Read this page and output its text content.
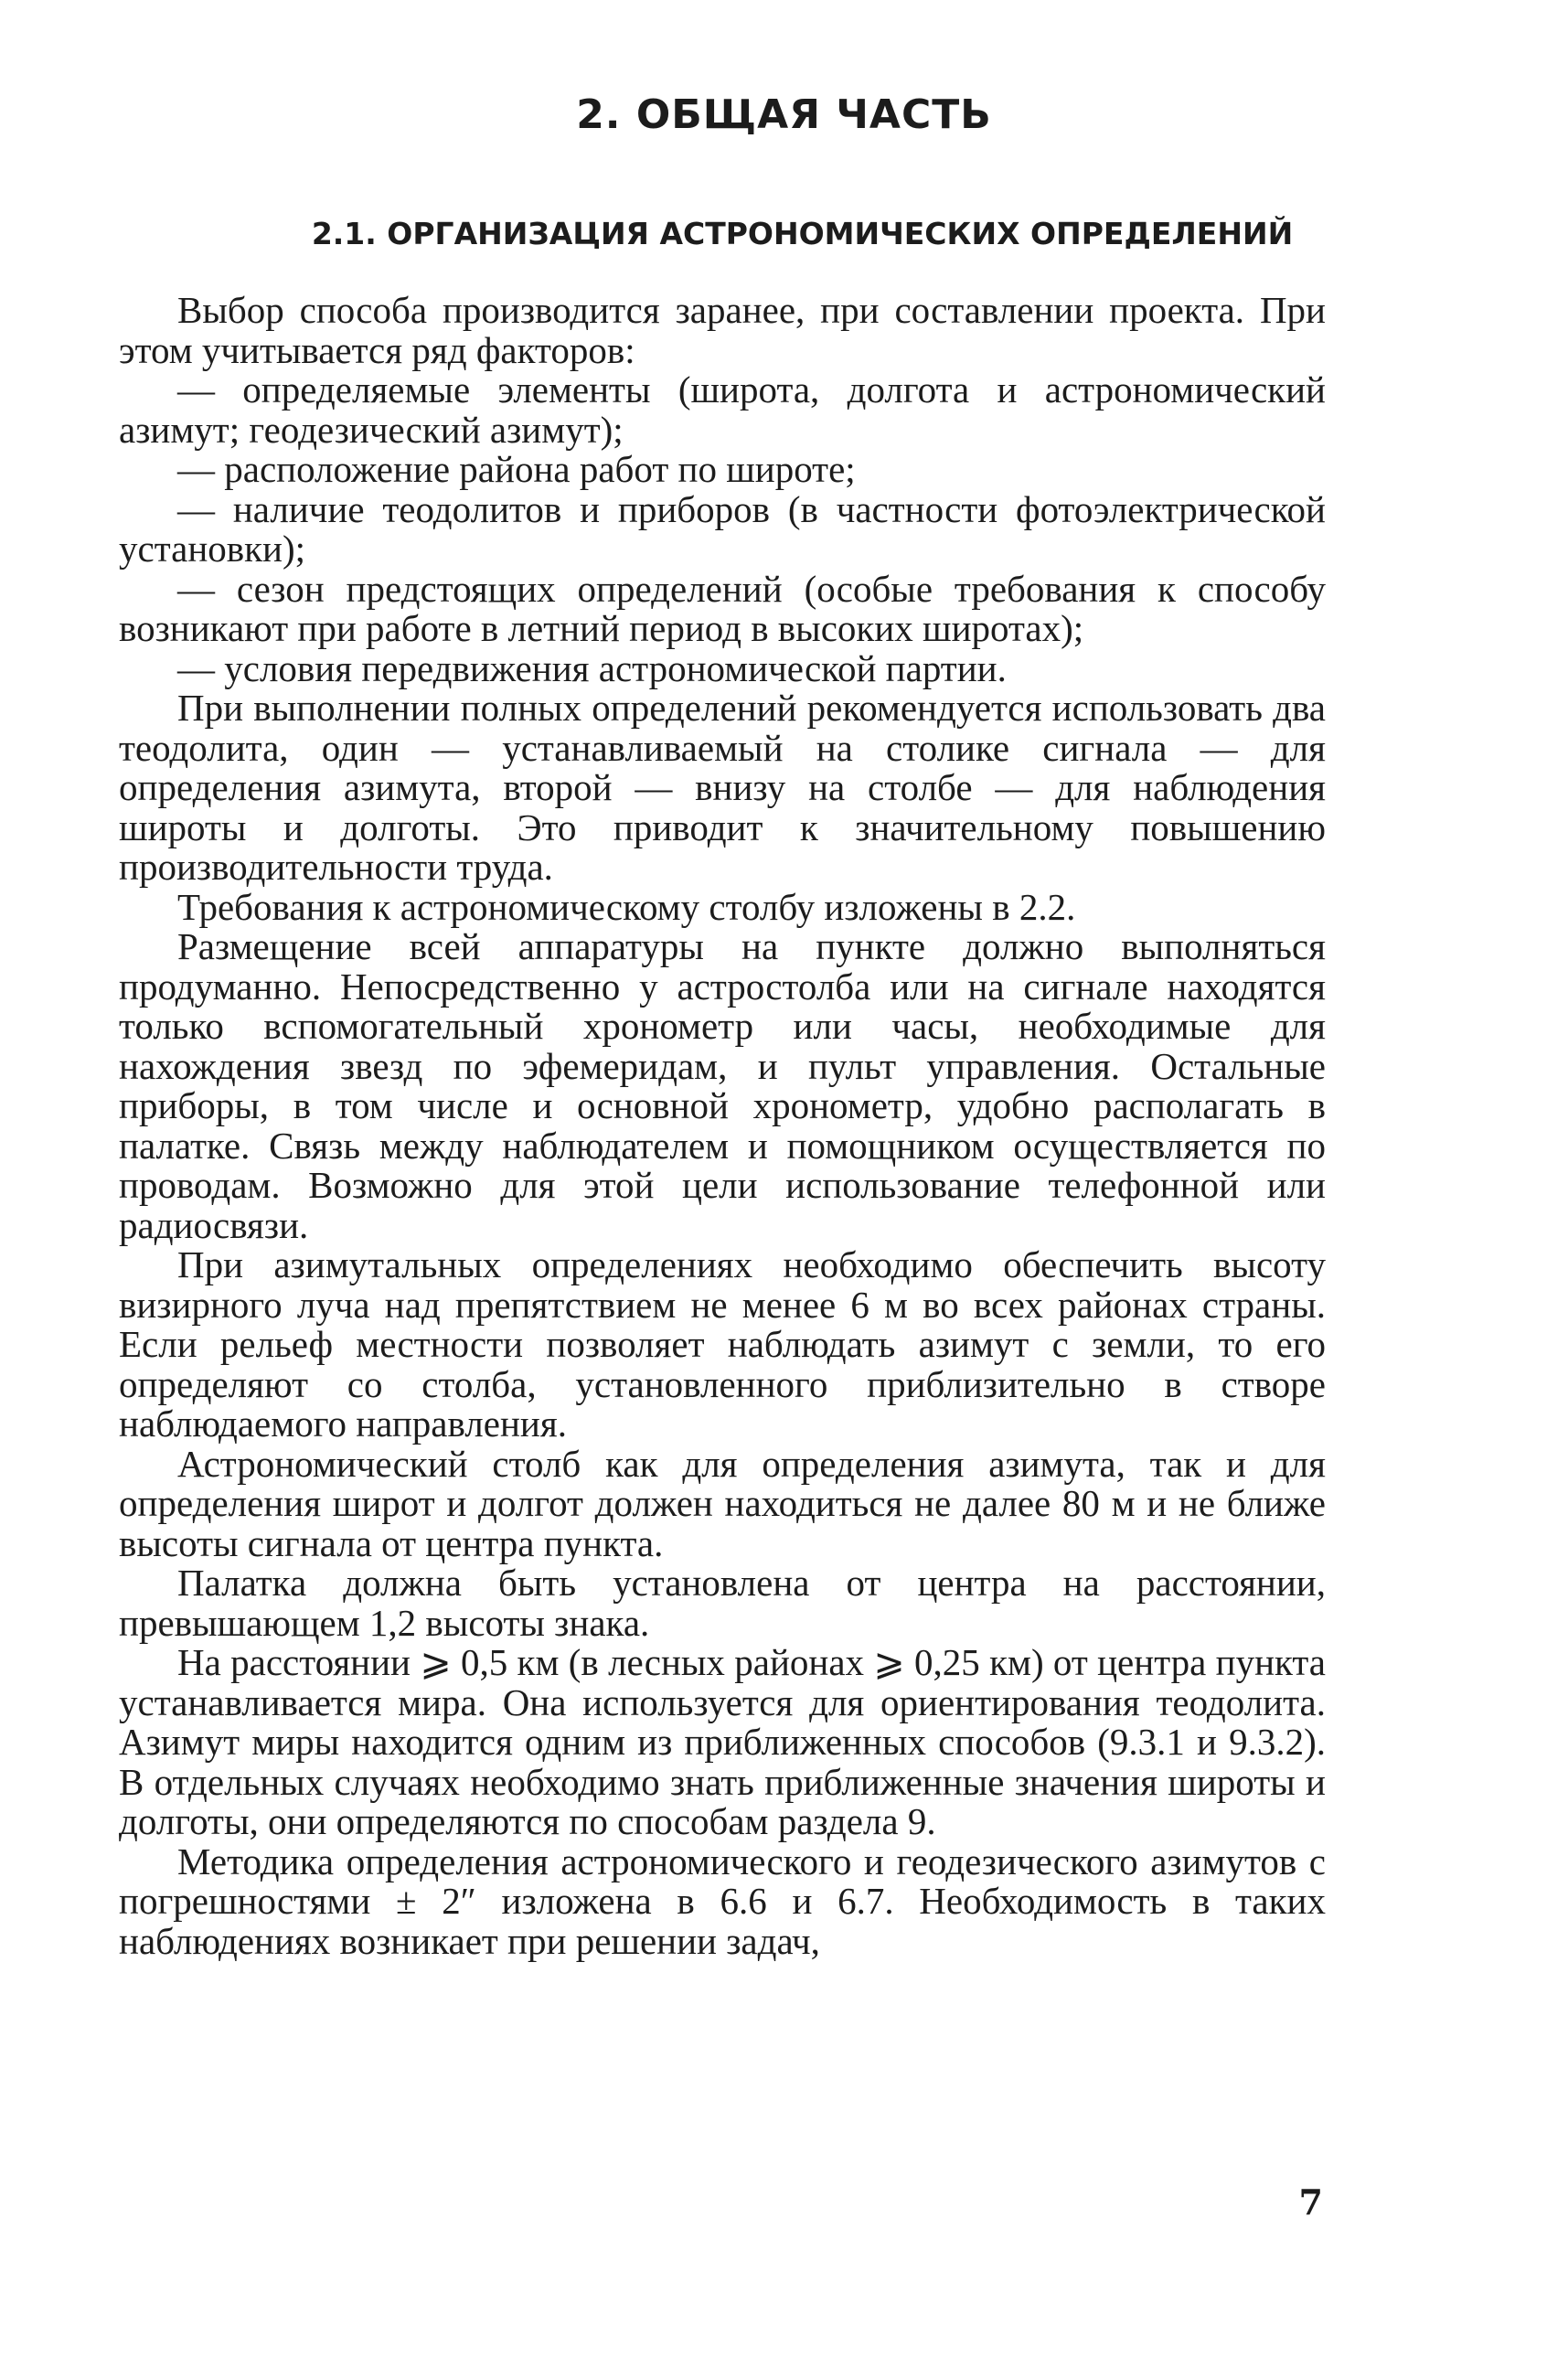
2. ОБЩАЯ ЧАСТЬ
2.1. ОРГАНИЗАЦИЯ АСТРОНОМИЧЕСКИХ ОПРЕДЕЛЕНИЙ

Выбор способа производится заранее, при составлении проекта. При этом учитывается ряд факторов:

— определяемые элементы (широта, долгота и астрономический азимут; геодезический азимут);

— расположение района работ по широте;

— наличие теодолитов и приборов (в частности фотоэлектрической установки);

— сезон предстоящих определений (особые требования к способу возникают при работе в летний период в высоких широтах);

— условия передвижения астрономической партии.

При выполнении полных определений рекомендуется использовать два теодолита, один — устанавливаемый на столике сигнала — для определения азимута, второй — внизу на столбе — для наблюдения широты и долготы. Это приводит к значительному повышению производительности труда.

Требования к астрономическому столбу изложены в 2.2.

Размещение всей аппаратуры на пункте должно выполняться продуманно. Непосредственно у астростолба или на сигнале находятся только вспомогательный хронометр или часы, необходимые для нахождения звезд по эфемеридам, и пульт управления. Остальные приборы, в том числе и основной хронометр, удобно располагать в палатке. Связь между наблюдателем и помощником осуществляется по проводам. Возможно для этой цели использование телефонной или радиосвязи.

При азимутальных определениях необходимо обеспечить высоту визирного луча над препятствием не менее 6 м во всех районах страны. Если рельеф местности позволяет наблюдать азимут с земли, то его определяют со столба, установленного приблизительно в створе наблюдаемого направления.

Астрономический столб как для определения азимута, так и для определения широт и долгот должен находиться не далее 80 м и не ближе высоты сигнала от центра пункта.

Палатка должна быть установлена от центра на расстоянии, превышающем 1,2 высоты знака.

На расстоянии ⩾ 0,5 км (в лесных районах ⩾ 0,25 км) от центра пункта устанавливается мира. Она используется для ориентирования теодолита. Азимут миры находится одним из приближенных способов (9.3.1 и 9.3.2). В отдельных случаях необходимо знать приближенные значения широты и долготы, они определяются по способам раздела 9.

Методика определения астрономического и геодезического азимутов с погрешностями ± 2″ изложена в 6.6 и 6.7. Необходимость в таких наблюдениях возникает при решении задач,

7
